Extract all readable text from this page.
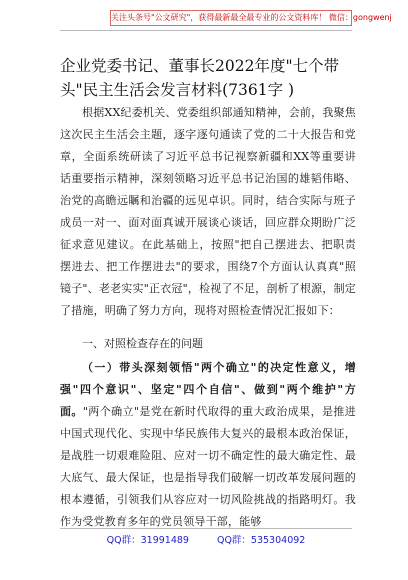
关注头条号"公文研究"，获得最新最全最专业的公文资料库！ 微信：gongwenj
企业党委书记、董事长2022年度"七个带头"民主生活会发言材料(7361字 )

根据XX纪委机关、党委组织部通知精神，会前，我聚焦这次民主生活会主题，逐字逐句通读了党的二十大报告和党章，全面系统研读了习近平总书记视察新疆和XX等重要讲话重要指示精神，深刻领略习近平总书记治国的雄韬伟略、治党的高瞻远瞩和治疆的远见卓识。同时，结合实际与班子成员一对一、面对面真诚开展谈心谈话，回应群众期盼广泛征求意见建议。在此基础上，按照"把自己摆进去、把职责摆进去、把工作摆进去"的要求，围绕7个方面认认真真"照镜子"、老老实实"正衣冠"，检视了不足，剖析了根源，制定了措施，明确了努力方向，现将对照检查情况汇报如下：

一、对照检查存在的问题

（一）带头深刻领悟"两个确立"的决定性意义，增强"四个意识"、坚定"四个自信"、做到"两个维护"方面。"两个确立"是党在新时代取得的重大政治成果，是推进中国式现代化、实现中华民族伟大复兴的最根本政治保证，是战胜一切艰难险阻、应对一切不确定性的最大确定性、最大底气、最大保证，也是指导我们破解一切改革发展问题的根本遵循，引领我们从容应对一切风险挑战的指路明灯。我作为受党教育多年的党员领导干部，能够

QQ群：31991489	QQ群：535304092
